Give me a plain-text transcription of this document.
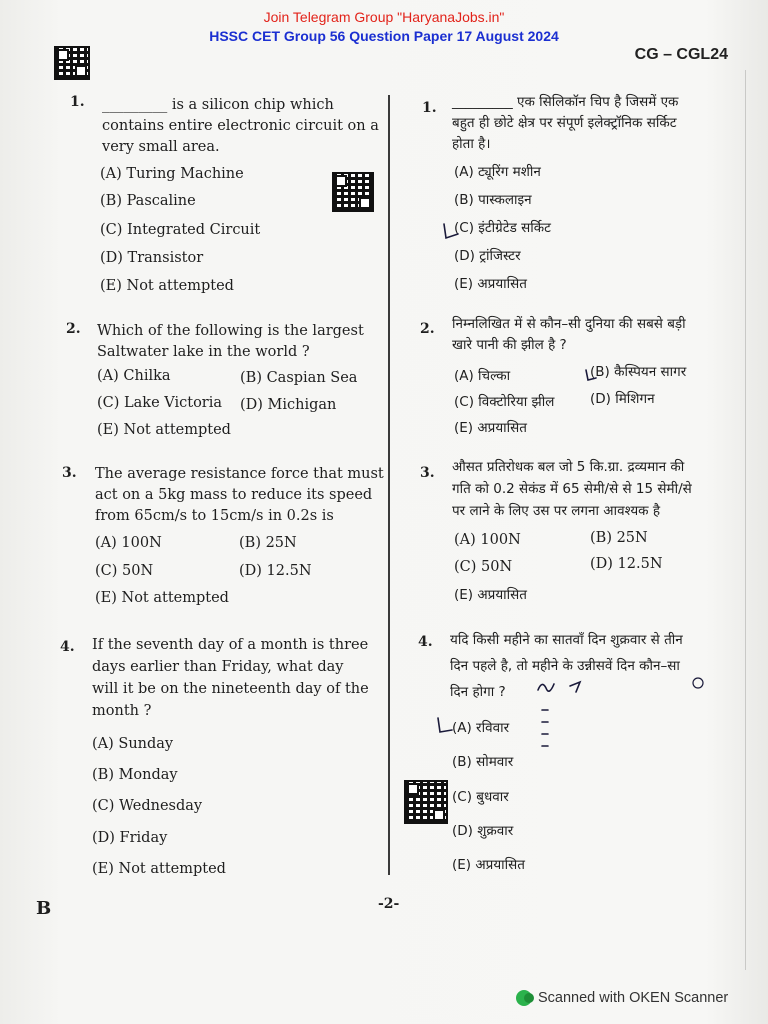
Join Telegram Group "HaryanaJobs.in"
HSSC CET Group 56 Question Paper 17 August 2024
CG – CGL24
1. _________ is a silicon chip which
contains entire electronic circuit on a
very small area.
(A) Turing Machine
(B) Pascaline
(C) Integrated Circuit
(D) Transistor
(E) Not attempted
2. Which of the following is the largest
Saltwater lake in the world ?
(A) Chilka	(B) Caspian Sea
(C) Lake Victoria (D) Michigan
(E) Not attempted
3. The average resistance force that must
act on a 5kg mass to reduce its speed
from 65cm/s to 15cm/s in 0.2s is
(A) 100N	(B) 25N
(C) 50N	(D) 12.5N
(E) Not attempted
4. If the seventh day of a month is three
days earlier than Friday, what day
will it be on the nineteenth day of the
month ?
(A) Sunday
(B) Monday
(C) Wednesday
(D) Friday
(E) Not attempted
1. _________ एक सिलिकॉन चिप है जिसमें एक
बहुत ही छोटे क्षेत्र पर संपूर्ण इलेक्ट्रॉनिक सर्किट
होता है।
(A) ट्यूरिंग मशीन
(B) पास्कलाइन
(C) इंटीग्रेटेड सर्किट
(D) ट्रांजिस्टर
(E) अप्रयासित
2. निम्नलिखित में से कौन–सी दुनिया की सबसे बड़ी
खारे पानी की झील है ?
(A) चिल्का	(B) कैस्पियन सागर
(C) विक्टोरिया झील	(D) मिशिगन
(E) अप्रयासित
3. औसत प्रतिरोधक बल जो 5 कि.ग्रा. द्रव्यमान की
गति को 0.2 सेकंड में 65 सेमी/से से 15 सेमी/से
पर लाने के लिए उस पर लगना आवश्यक है
(A) 100N	(B) 25N
(C) 50N	(D) 12.5N
(E) अप्रयासित
4. यदि किसी महीने का सातवाँ दिन शुक्रवार से तीन
दिन पहले है, तो महीने के उन्नीसवें दिन कौन–सा
दिन होगा ?
(A) रविवार
(B) सोमवार
(C) बुधवार
(D) शुक्रवार
(E) अप्रयासित
B	-2-
Scanned with OKEN Scanner
